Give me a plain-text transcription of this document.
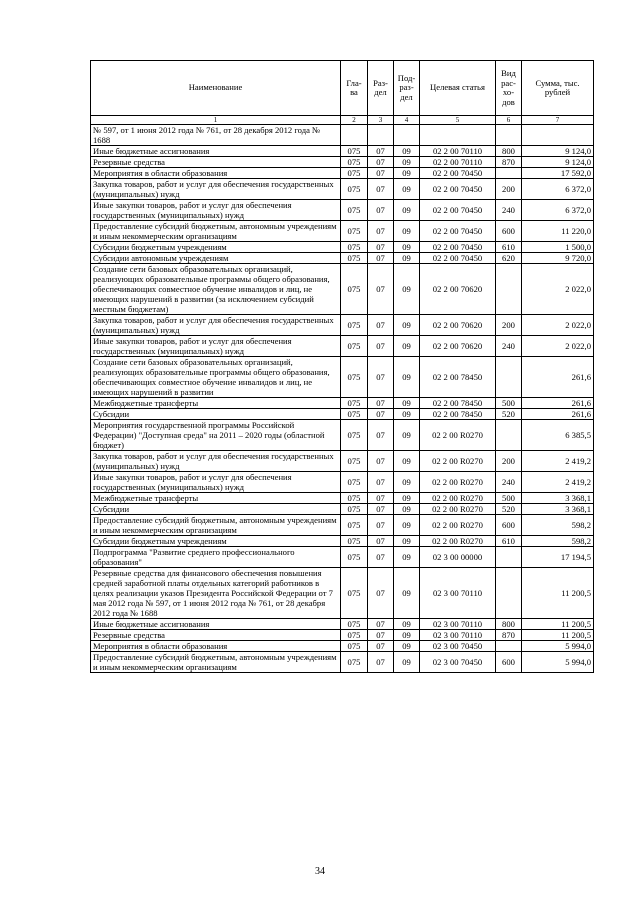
Наименование	Гла-ва	Раз-дел	Под-раз-дел	Целевая статья	Вид рас-хо-дов	Сумма, тыс. рублей
1	2	3	4	5	6	7
№ 597, от 1 июня 2012 года № 761, от 28 декабря 2012 года № 1688						
Иные бюджетные ассигнования	075	07	09	02 2 00 70110	800	9 124,0
Резервные средства	075	07	09	02 2 00 70110	870	9 124,0
Мероприятия в области образования	075	07	09	02 2 00 70450		17 592,0
Закупка товаров, работ и услуг для обеспечения государственных (муниципальных) нужд	075	07	09	02 2 00 70450	200	6 372,0
Иные закупки товаров, работ и услуг для обеспечения государственных (муниципальных) нужд	075	07	09	02 2 00 70450	240	6 372,0
Предоставление субсидий бюджетным, автономным учреждениям и иным некоммерческим организациям	075	07	09	02 2 00 70450	600	11 220,0
Субсидии бюджетным учреждениям	075	07	09	02 2 00 70450	610	1 500,0
Субсидии автономным учреждениям	075	07	09	02 2 00 70450	620	9 720,0
Создание сети базовых образовательных организаций, реализующих образовательные программы общего образования, обеспечивающих совместное обучение инвалидов и лиц, не имеющих нарушений в развитии (за исключением субсидий местным бюджетам)	075	07	09	02 2 00 70620		2 022,0
Закупка товаров, работ и услуг для обеспечения государственных (муниципальных) нужд	075	07	09	02 2 00 70620	200	2 022,0
Иные закупки товаров, работ и услуг для обеспечения государственных (муниципальных) нужд	075	07	09	02 2 00 70620	240	2 022,0
Создание сети базовых образовательных организаций, реализующих образовательные программы общего образования, обеспечивающих совместное обучение инвалидов и лиц, не имеющих нарушений в развитии	075	07	09	02 2 00 78450		261,6
Межбюджетные трансферты	075	07	09	02 2 00 78450	500	261,6
Субсидии	075	07	09	02 2 00 78450	520	261,6
Мероприятия государственной программы Российской Федерации) "Доступная среда" на 2011 – 2020 годы (областной бюджет)	075	07	09	02 2 00 R0270		6 385,5
Закупка товаров, работ и услуг для обеспечения государственных (муниципальных) нужд	075	07	09	02 2 00 R0270	200	2 419,2
Иные закупки товаров, работ и услуг для обеспечения государственных (муниципальных) нужд	075	07	09	02 2 00 R0270	240	2 419,2
Межбюджетные трансферты	075	07	09	02 2 00 R0270	500	3 368,1
Субсидии	075	07	09	02 2 00 R0270	520	3 368,1
Предоставление субсидий бюджетным, автономным учреждениям и иным некоммерческим организациям	075	07	09	02 2 00 R0270	600	598,2
Субсидии бюджетным учреждениям	075	07	09	02 2 00 R0270	610	598,2
Подпрограмма "Развитие среднего профессионального образования"	075	07	09	02 3 00 00000		17 194,5
Резервные средства для финансового обеспечения повышения средней заработной платы отдельных категорий работников в целях реализации указов Президента Российской Федерации от 7 мая 2012 года № 597, от 1 июня 2012 года № 761, от 28 декабря 2012 года № 1688	075	07	09	02 3 00 70110		11 200,5
Иные бюджетные ассигнования	075	07	09	02 3 00 70110	800	11 200,5
Резервные средства	075	07	09	02 3 00 70110	870	11 200,5
Мероприятия в области образования	075	07	09	02 3 00 70450		5 994,0
Предоставление субсидий бюджетным, автономным учреждениям и иным некоммерческим организациям	075	07	09	02 3 00 70450	600	5 994,0
34
